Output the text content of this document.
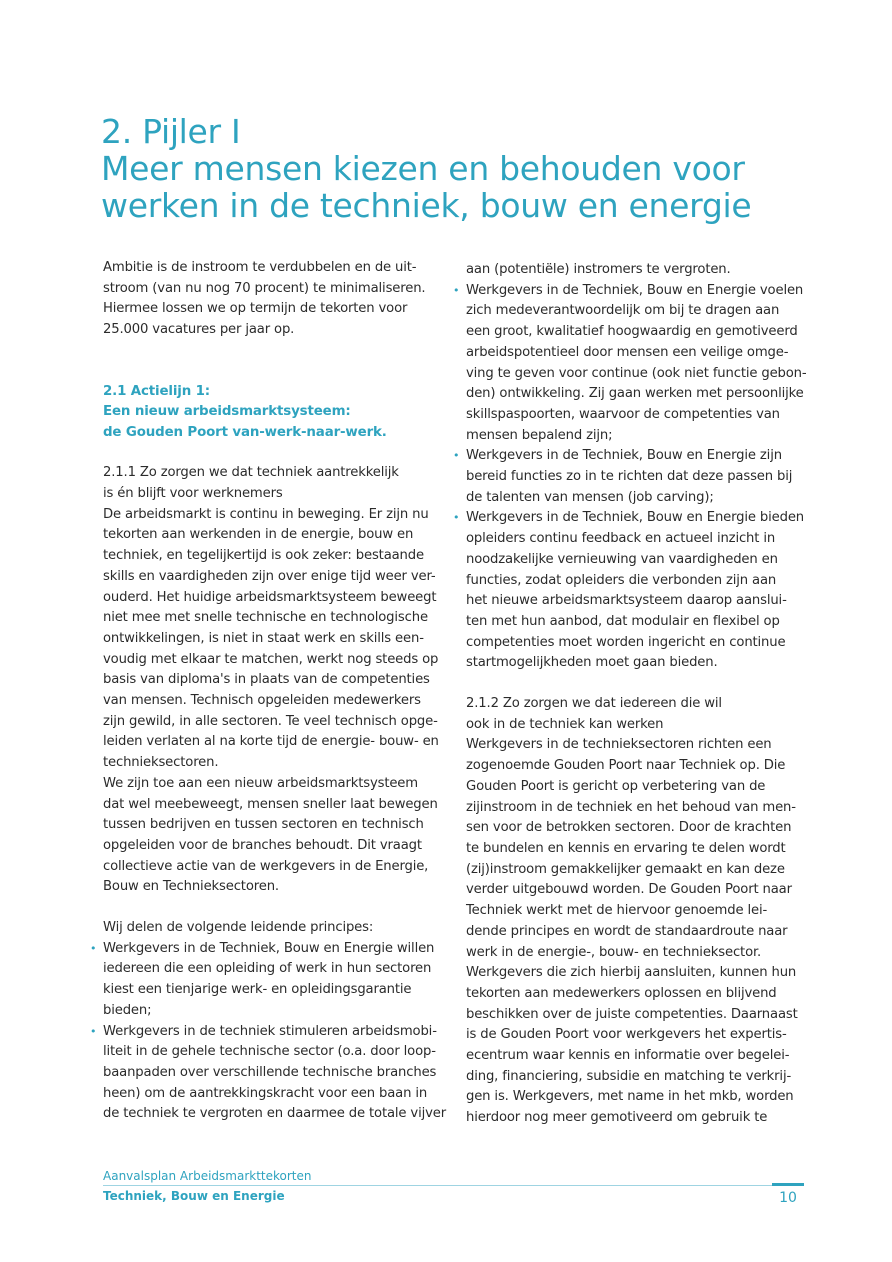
2. Pijler I
Meer mensen kiezen en behouden voor
werken in de techniek, bouw en energie

Ambitie is de instroom te verdubbelen en de uit-
stroom (van nu nog 70 procent) te minimaliseren.
Hiermee lossen we op termijn de tekorten voor
25.000 vacatures per jaar op.

2.1 Actielijn 1:
Een nieuw arbeidsmarktsysteem:
de Gouden Poort van-werk-naar-werk.

2.1.1 Zo zorgen we dat techniek aantrekkelijk
is én blijft voor werknemers

De arbeidsmarkt is continu in beweging. Er zijn nu
tekorten aan werkenden in de energie, bouw en
techniek, en tegelijkertijd is ook zeker: bestaande
skills en vaardigheden zijn over enige tijd weer ver-
ouderd. Het huidige arbeidsmarktsysteem beweegt
niet mee met snelle technische en technologische
ontwikkelingen, is niet in staat werk en skills een-
voudig met elkaar te matchen, werkt nog steeds op
basis van diploma's in plaats van de competenties
van mensen. Technisch opgeleiden medewerkers
zijn gewild, in alle sectoren. Te veel technisch opge-
leiden verlaten al na korte tijd de energie- bouw- en
technieksectoren.
We zijn toe aan een nieuw arbeidsmarktsysteem
dat wel meebeweegt, mensen sneller laat bewegen
tussen bedrijven en tussen sectoren en technisch
opgeleiden voor de branches behoudt. Dit vraagt
collectieve actie van de werkgevers in de Energie,
Bouw en Technieksectoren.

Wij delen de volgende leidende principes:

• Werkgevers in de Techniek, Bouw en Energie willen
iedereen die een opleiding of werk in hun sectoren
kiest een tienjarige werk- en opleidingsgarantie
bieden;

• Werkgevers in de techniek stimuleren arbeidsmobi-
liteit in de gehele technische sector (o.a. door loop-
baanpaden over verschillende technische branches
heen) om de aantrekkingskracht voor een baan in
de techniek te vergroten en daarmee de totale vijver

aan (potentiële) instromers te vergroten.

• Werkgevers in de Techniek, Bouw en Energie voelen
zich medeverantwoordelijk om bij te dragen aan
een groot, kwalitatief hoogwaardig en gemotiveerd
arbeidspotentieel door mensen een veilige omge-
ving te geven voor continue (ook niet functie gebon-
den) ontwikkeling. Zij gaan werken met persoonlijke
skillspaspoorten, waarvoor de competenties van
mensen bepalend zijn;

• Werkgevers in de Techniek, Bouw en Energie zijn
bereid functies zo in te richten dat deze passen bij
de talenten van mensen (job carving);

• Werkgevers in de Techniek, Bouw en Energie bieden
opleiders continu feedback en actueel inzicht in
noodzakelijke vernieuwing van vaardigheden en
functies, zodat opleiders die verbonden zijn aan
het nieuwe arbeidsmarktsysteem daarop aanslui-
ten met hun aanbod, dat modulair en flexibel op
competenties moet worden ingericht en continue
startmogelijkheden moet gaan bieden.

2.1.2 Zo zorgen we dat iedereen die wil
ook in de techniek kan werken

Werkgevers in de technieksectoren richten een
zogenoemde Gouden Poort naar Techniek op. Die
Gouden Poort is gericht op verbetering van de
zijinstroom in de techniek en het behoud van men-
sen voor de betrokken sectoren. Door de krachten
te bundelen en kennis en ervaring te delen wordt
(zij)instroom gemakkelijker gemaakt en kan deze
verder uitgebouwd worden. De Gouden Poort naar
Techniek werkt met de hiervoor genoemde lei-
dende principes en wordt de standaardroute naar
werk in de energie-, bouw- en technieksector.
Werkgevers die zich hierbij aansluiten, kunnen hun
tekorten aan medewerkers oplossen en blijvend
beschikken over de juiste competenties. Daarnaast
is de Gouden Poort voor werkgevers het expertis-
ecentrum waar kennis en informatie over begelei-
ding, financiering, subsidie en matching te verkrij-
gen is. Werkgevers, met name in het mkb, worden
hierdoor nog meer gemotiveerd om gebruik te

Aanvalsplan Arbeidsmarkttekorten
Techniek, Bouw en Energie	10
